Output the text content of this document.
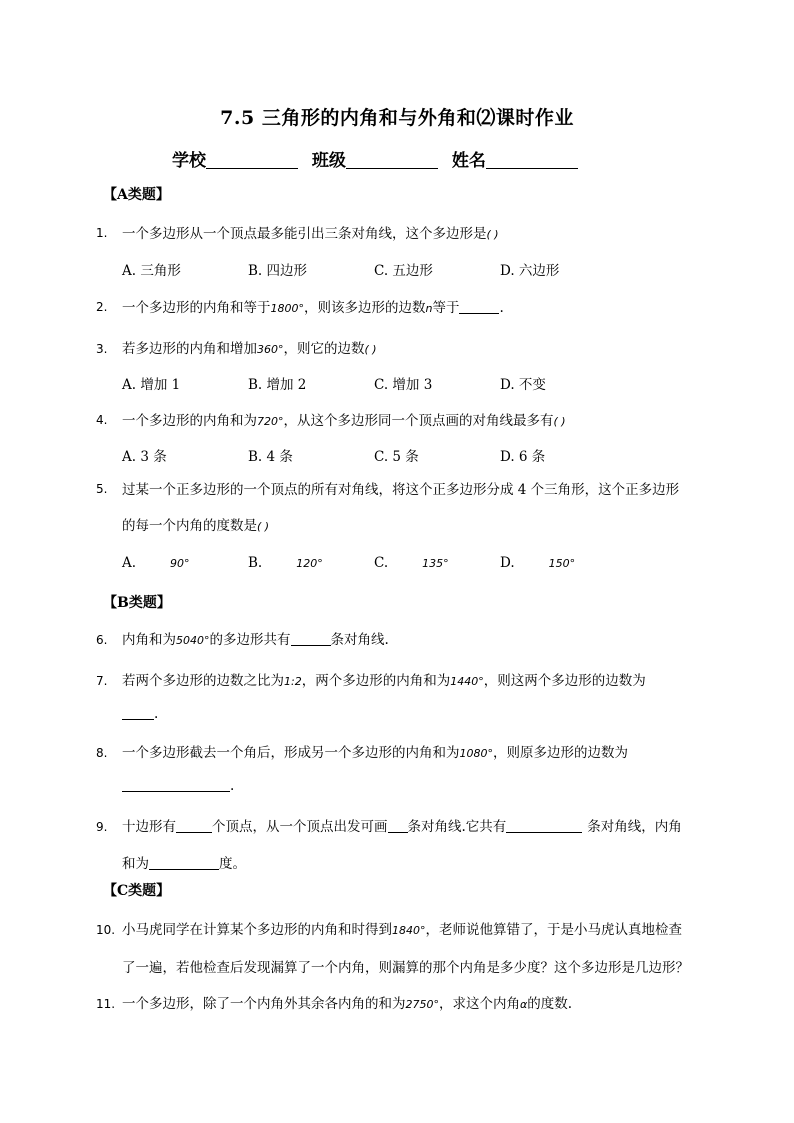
7.5 三角形的内角和与外角和⑵课时作业
学校	班级	姓名
【A类题】
1. 一个多边形从一个顶点最多能引出三条对角线，这个多边形是( )
A. 三角形	B. 四边形	C. 五边形	D. 六边形
2. 一个多边形的内角和等于1800°，则该多边形的边数n等于	.
3. 若多边形的内角和增加360°，则它的边数( )
A. 增加 1	B. 增加 2	C. 增加 3	D. 不变
4. 一个多边形的内角和为720°，从这个多边形同一个顶点画的对角线最多有( )
A. 3 条	B. 4 条	C. 5 条	D. 6 条
5. 过某一个正多边形的一个顶点的所有对角线，将这个正多边形分成 4 个三角形，这个正多边形
的每一个内角的度数是( )
A.	90°	B.	120°	C.	135°	D.	150°
【B类题】
6. 内角和为5040°的多边形共有	条对角线.
7. 若两个多边形的边数之比为1:2，两个多边形的内角和为1440°，则这两个多边形的边数为
.
8. 一个多边形截去一个角后，形成另一个多边形的内角和为1080°，则原多边形的边数为
.
9. 十边形有	个顶点，从一个顶点出发可画 条对角线.它共有	条对角线，内角
和为	度。
【C类题】
10. 小马虎同学在计算某个多边形的内角和时得到1840°，老师说他算错了，于是小马虎认真地检查
了一遍，若他检查后发现漏算了一个内角，则漏算的那个内角是多少度？这个多边形是几边形？
11. 一个多边形，除了一个内角外其余各内角的和为2750°，求这个内角α的度数.
